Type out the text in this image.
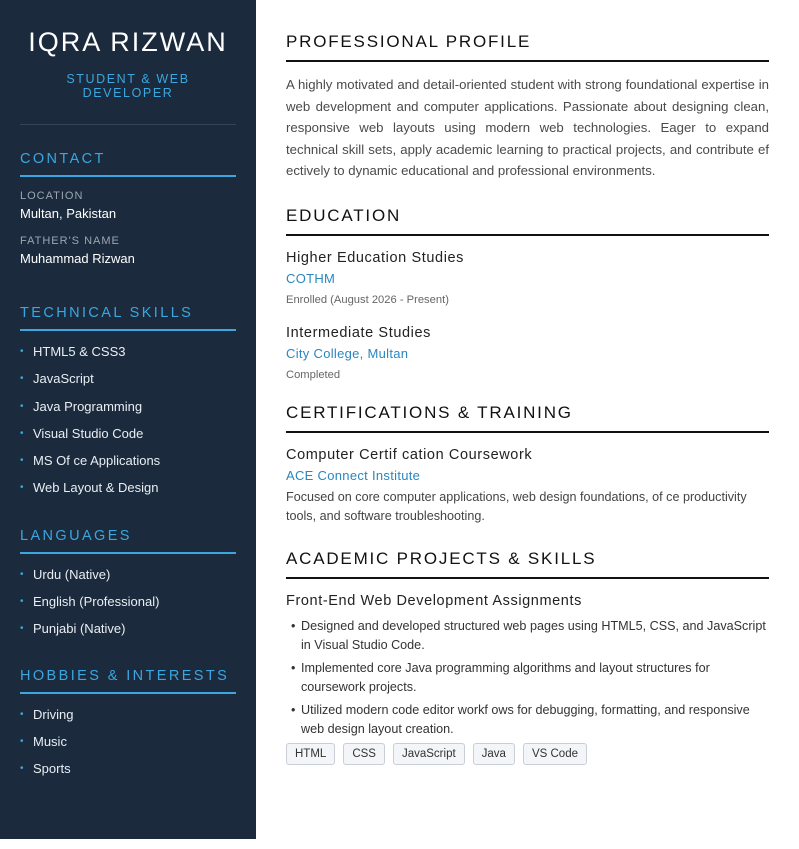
IQRA RIZWAN
STUDENT & WEB DEVELOPER
CONTACT
LOCATION
Multan, Pakistan
FATHER'S NAME
Muhammad Rizwan
TECHNICAL SKILLS
• HTML5 & CSS3
• JavaScript
• Java Programming
• Visual Studio Code
• MS Of ce Applications
• Web Layout & Design
LANGUAGES
• Urdu (Native)
• English (Professional)
• Punjabi (Native)
HOBBIES & INTERESTS
• Driving
• Music
• Sports
PROFESSIONAL PROFILE

A highly motivated and detail-oriented student with strong foundational expertise in web development and computer applications. Passionate about designing clean, responsive web layouts using modern web technologies. Eager to expand technical skill sets, apply academic learning to practical projects, and contribute ef ectively to dynamic educational and professional environments.

EDUCATION
Higher Education Studies
COTHM
Enrolled (August 2026 - Present)
Intermediate Studies
City College, Multan
Completed
CERTIFICATIONS & TRAINING
Computer Certif cation Coursework
ACE Connect Institute
Focused on core computer applications, web design foundations, of ce productivity tools, and software troubleshooting.
ACADEMIC PROJECTS & SKILLS
Front-End Web Development Assignments
• Designed and developed structured web pages using HTML5, CSS, and JavaScript in Visual Studio Code.
• Implemented core Java programming algorithms and layout structures for coursework projects.
• Utilized modern code editor workf ows for debugging, formatting, and responsive web design layout creation.
HTML	CSS	JavaScript	Java	VS Code
